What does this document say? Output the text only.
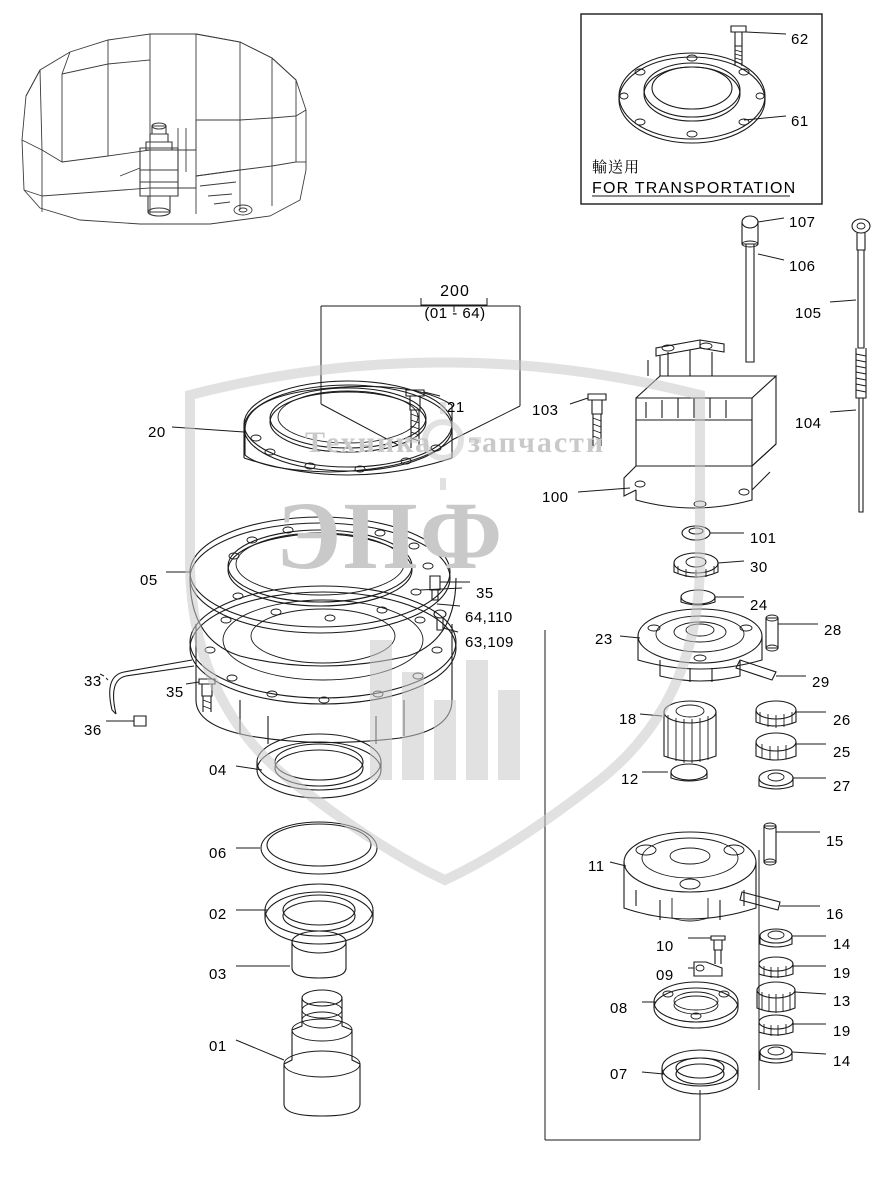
Техника запчасти
ЭПФ
輸送用
FOR TRANSPORTATION
62
61
200
(01 - 64)
20
21	103
100
107
106
105
104
101
30
24
28
29
23
26
25
27
18
12
05
35
64,110
63,109
33
35
36
04
06
02
03
01
15
11
16
14
10
19
09
13
08
19
14
07
